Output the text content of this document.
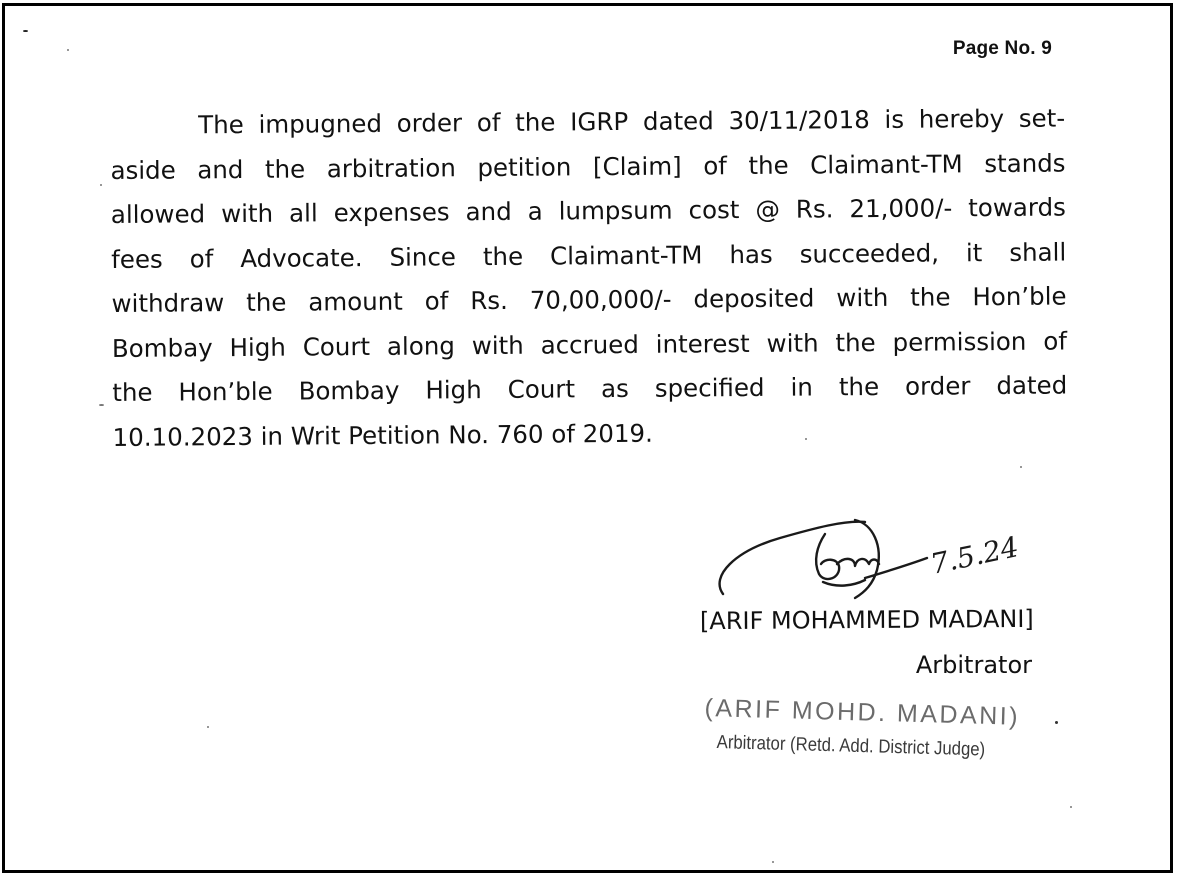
Page No. 9
The impugned order of the IGRP dated 30/11/2018 is hereby set-
aside and the arbitration petition [Claim] of the Claimant-TM stands
allowed with all expenses and a lumpsum cost @ Rs. 21,000/- towards
fees of Advocate. Since the Claimant-TM has succeeded, it shall
withdraw the amount of Rs. 70,00,000/- deposited with the Hon’ble
Bombay High Court along with accrued interest with the permission of
the Hon’ble Bombay High Court as specified in the order dated
10.10.2023 in Writ Petition No. 760 of 2019.
7.5.24
[ARIF MOHAMMED MADANI]
Arbitrator
(ARIF MOHD. MADANI)
Arbitrator (Retd. Add. District Judge)
